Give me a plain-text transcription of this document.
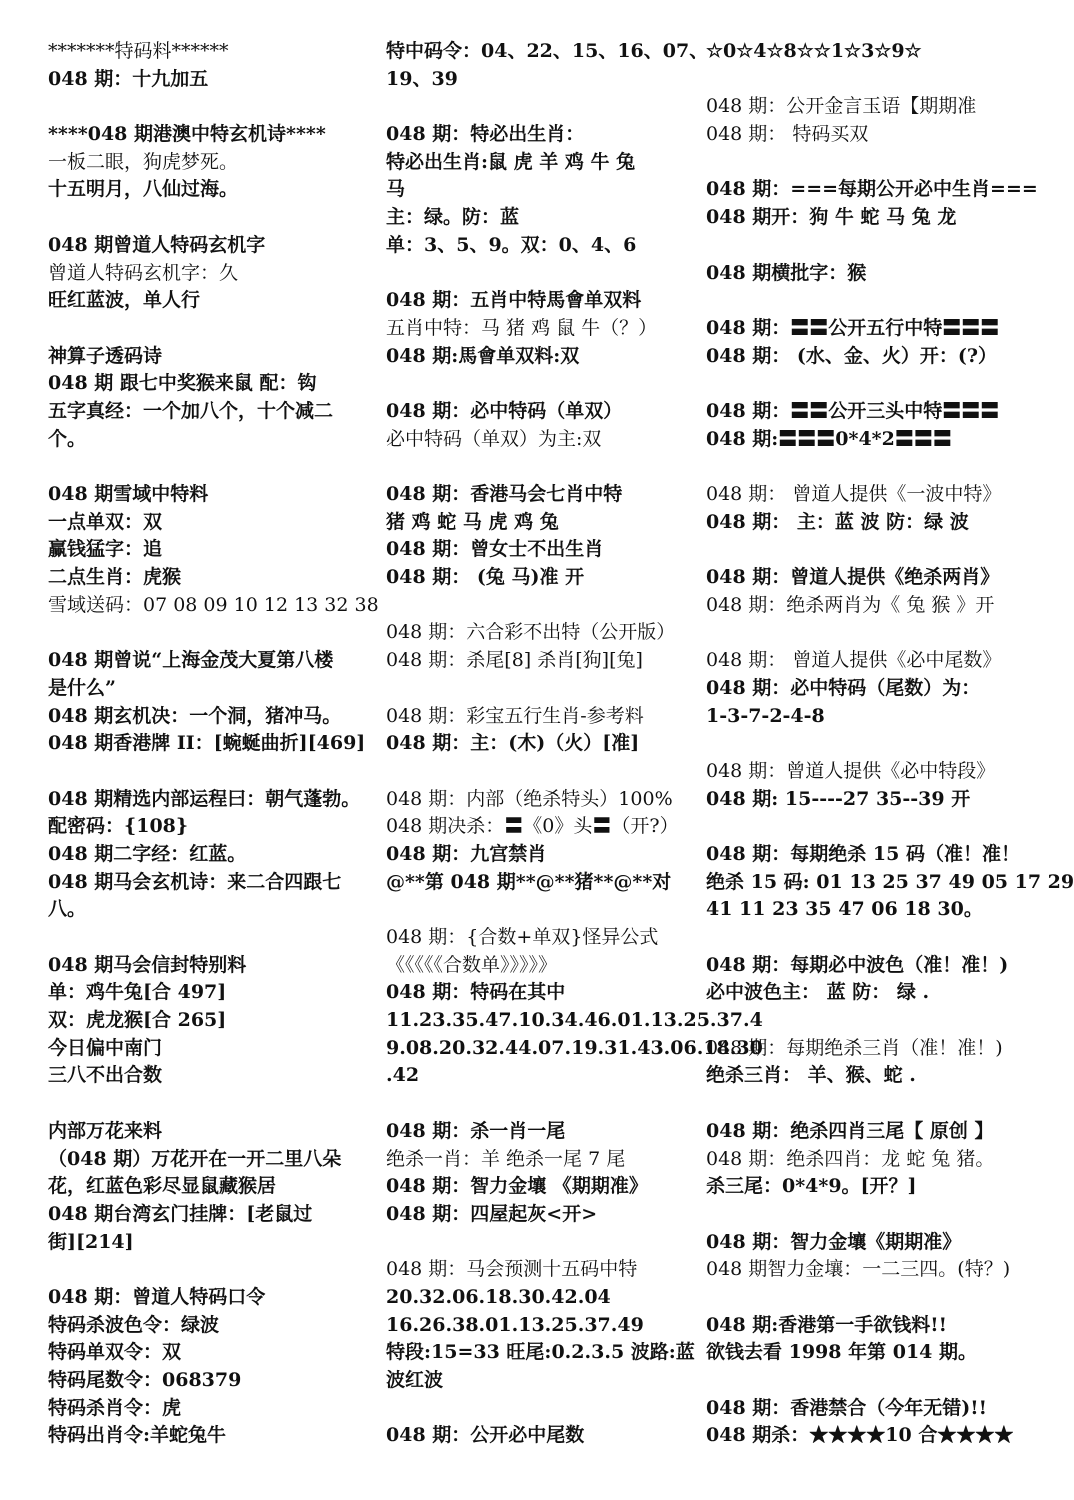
*******特码料******
048 期：十九加五
****048 期港澳中特玄机诗****
一板二眼，狗虎梦死。
十五明月，八仙过海。
048 期曾道人特码玄机字
曾道人特码玄机字：久
旺红蓝波，单人行
神算子透码诗
048 期 跟七中奖猴来鼠 配：钩
五字真经：一个加八个，十个减二
个。
048 期雪域中特料
一点单双：双
赢钱猛字：追
二点生肖：虎猴
雪域送码：07 08 09 10 12 13 32 38
048 期曾说“上海金茂大夏第八楼
是什么”
048 期玄机决：一个洞，猪冲马。
048 期香港牌 II：[蜿蜒曲折][469]
048 期精选内部运程曰：朝气蓬勃。
配密码：{108}
048 期二字经：红蓝。
048 期马会玄机诗：来二合四跟七
八。
048 期马会信封特别料
单：鸡牛兔[合 497]
双：虎龙猴[合 265]
今日偏中南门
三八不出合数
内部万花来料
（048 期）万花开在一开二里八朵
花，红蓝色彩尽显鼠藏猴居
048 期台湾玄门挂牌：[老鼠过
街][214]
048 期：曾道人特码口令
特码杀波色令：绿波
特码单双令：双
特码尾数令：068379
特码杀肖令：虎
特码出肖令:羊蛇兔牛
特中码令：04、22、15、16、07、
19、39
048 期：特必出生肖：
特必出生肖:鼠 虎 羊 鸡 牛 兔
马
主：绿。防：蓝
单：3、5、9。双：0、4、6
048 期：五肖中特馬會单双料
五肖中特：马 猪 鸡 鼠 牛（？）
048 期:馬會单双料:双
048 期：必中特码（单双）
必中特码（单双）为主:双
048 期：香港马会七肖中特
猪 鸡 蛇 马 虎 鸡 兔
048 期：曾女士不出生肖
048 期： (兔 马)准 开
048 期：六合彩不出特（公开版）
048 期：杀尾[8] 杀肖[狗][兔]
048 期：彩宝五行生肖-参考料
048 期：主：(木)（火）[准]
048 期：内部（绝杀特头）100%
048 期决杀：〓《0》头〓（开?）
048 期：九宫禁肖
@**第 048 期**@**猪**@**对
048 期：{合数+单双}怪异公式
《《《《《合数单》》》》》
048 期：特码在其中
11.23.35.47.10.34.46.01.13.25.37.4
9.08.20.32.44.07.19.31.43.06.18.30
.42
048 期：杀一肖一尾
绝杀一肖：羊 绝杀一尾 7 尾
048 期：智力金壤 《期期准》
048 期：四屋起灰<开>
048 期：马会预测十五码中特
20.32.06.18.30.42.04
16.26.38.01.13.25.37.49
特段:15=33 旺尾:0.2.3.5 波路:蓝
波红波
048 期：公开必中尾数
☆0☆4☆8☆☆1☆3☆9☆
048 期：公开金言玉语【期期准
048 期： 特码买双
048 期：===每期公开必中生肖===
048 期开：狗 牛 蛇 马 兔 龙
048 期横批字：猴
048 期：〓〓公开五行中特〓〓〓
048 期： (水、金、火）开：(?）
048 期：〓〓公开三头中特〓〓〓
048 期:〓〓〓0*4*2〓〓〓
048 期： 曾道人提供《一波中特》
048 期： 主：蓝 波 防：绿 波
048 期：曾道人提供《绝杀两肖》
048 期：绝杀两肖为《 兔 猴 》开
048 期： 曾道人提供《必中尾数》
048 期：必中特码（尾数）为：
1-3-7-2-4-8
048 期：曾道人提供《必中特段》
048 期: 15----27 35--39 开
048 期：每期绝杀 15 码（准！准！
绝杀 15 码: 01 13 25 37 49 05 17 29
41 11 23 35 47 06 18 30。
048 期：每期必中波色（准！准！)
必中波色主： 蓝 防： 绿 .
048 期：每期绝杀三肖（准！准！)
绝杀三肖： 羊、猴、蛇 .
048 期：绝杀四肖三尾【 原创 】
048 期：绝杀四肖：龙 蛇 兔 猪。
杀三尾：0*4*9。[开？]
048 期：智力金壤《期期准》
048 期智力金壤：一二三四。(特？)
048 期:香港第一手欲钱料!!
欲钱去看 1998 年第 014 期。
048 期：香港禁合（今年无错)!!
048 期杀：★★★★10 合★★★★
